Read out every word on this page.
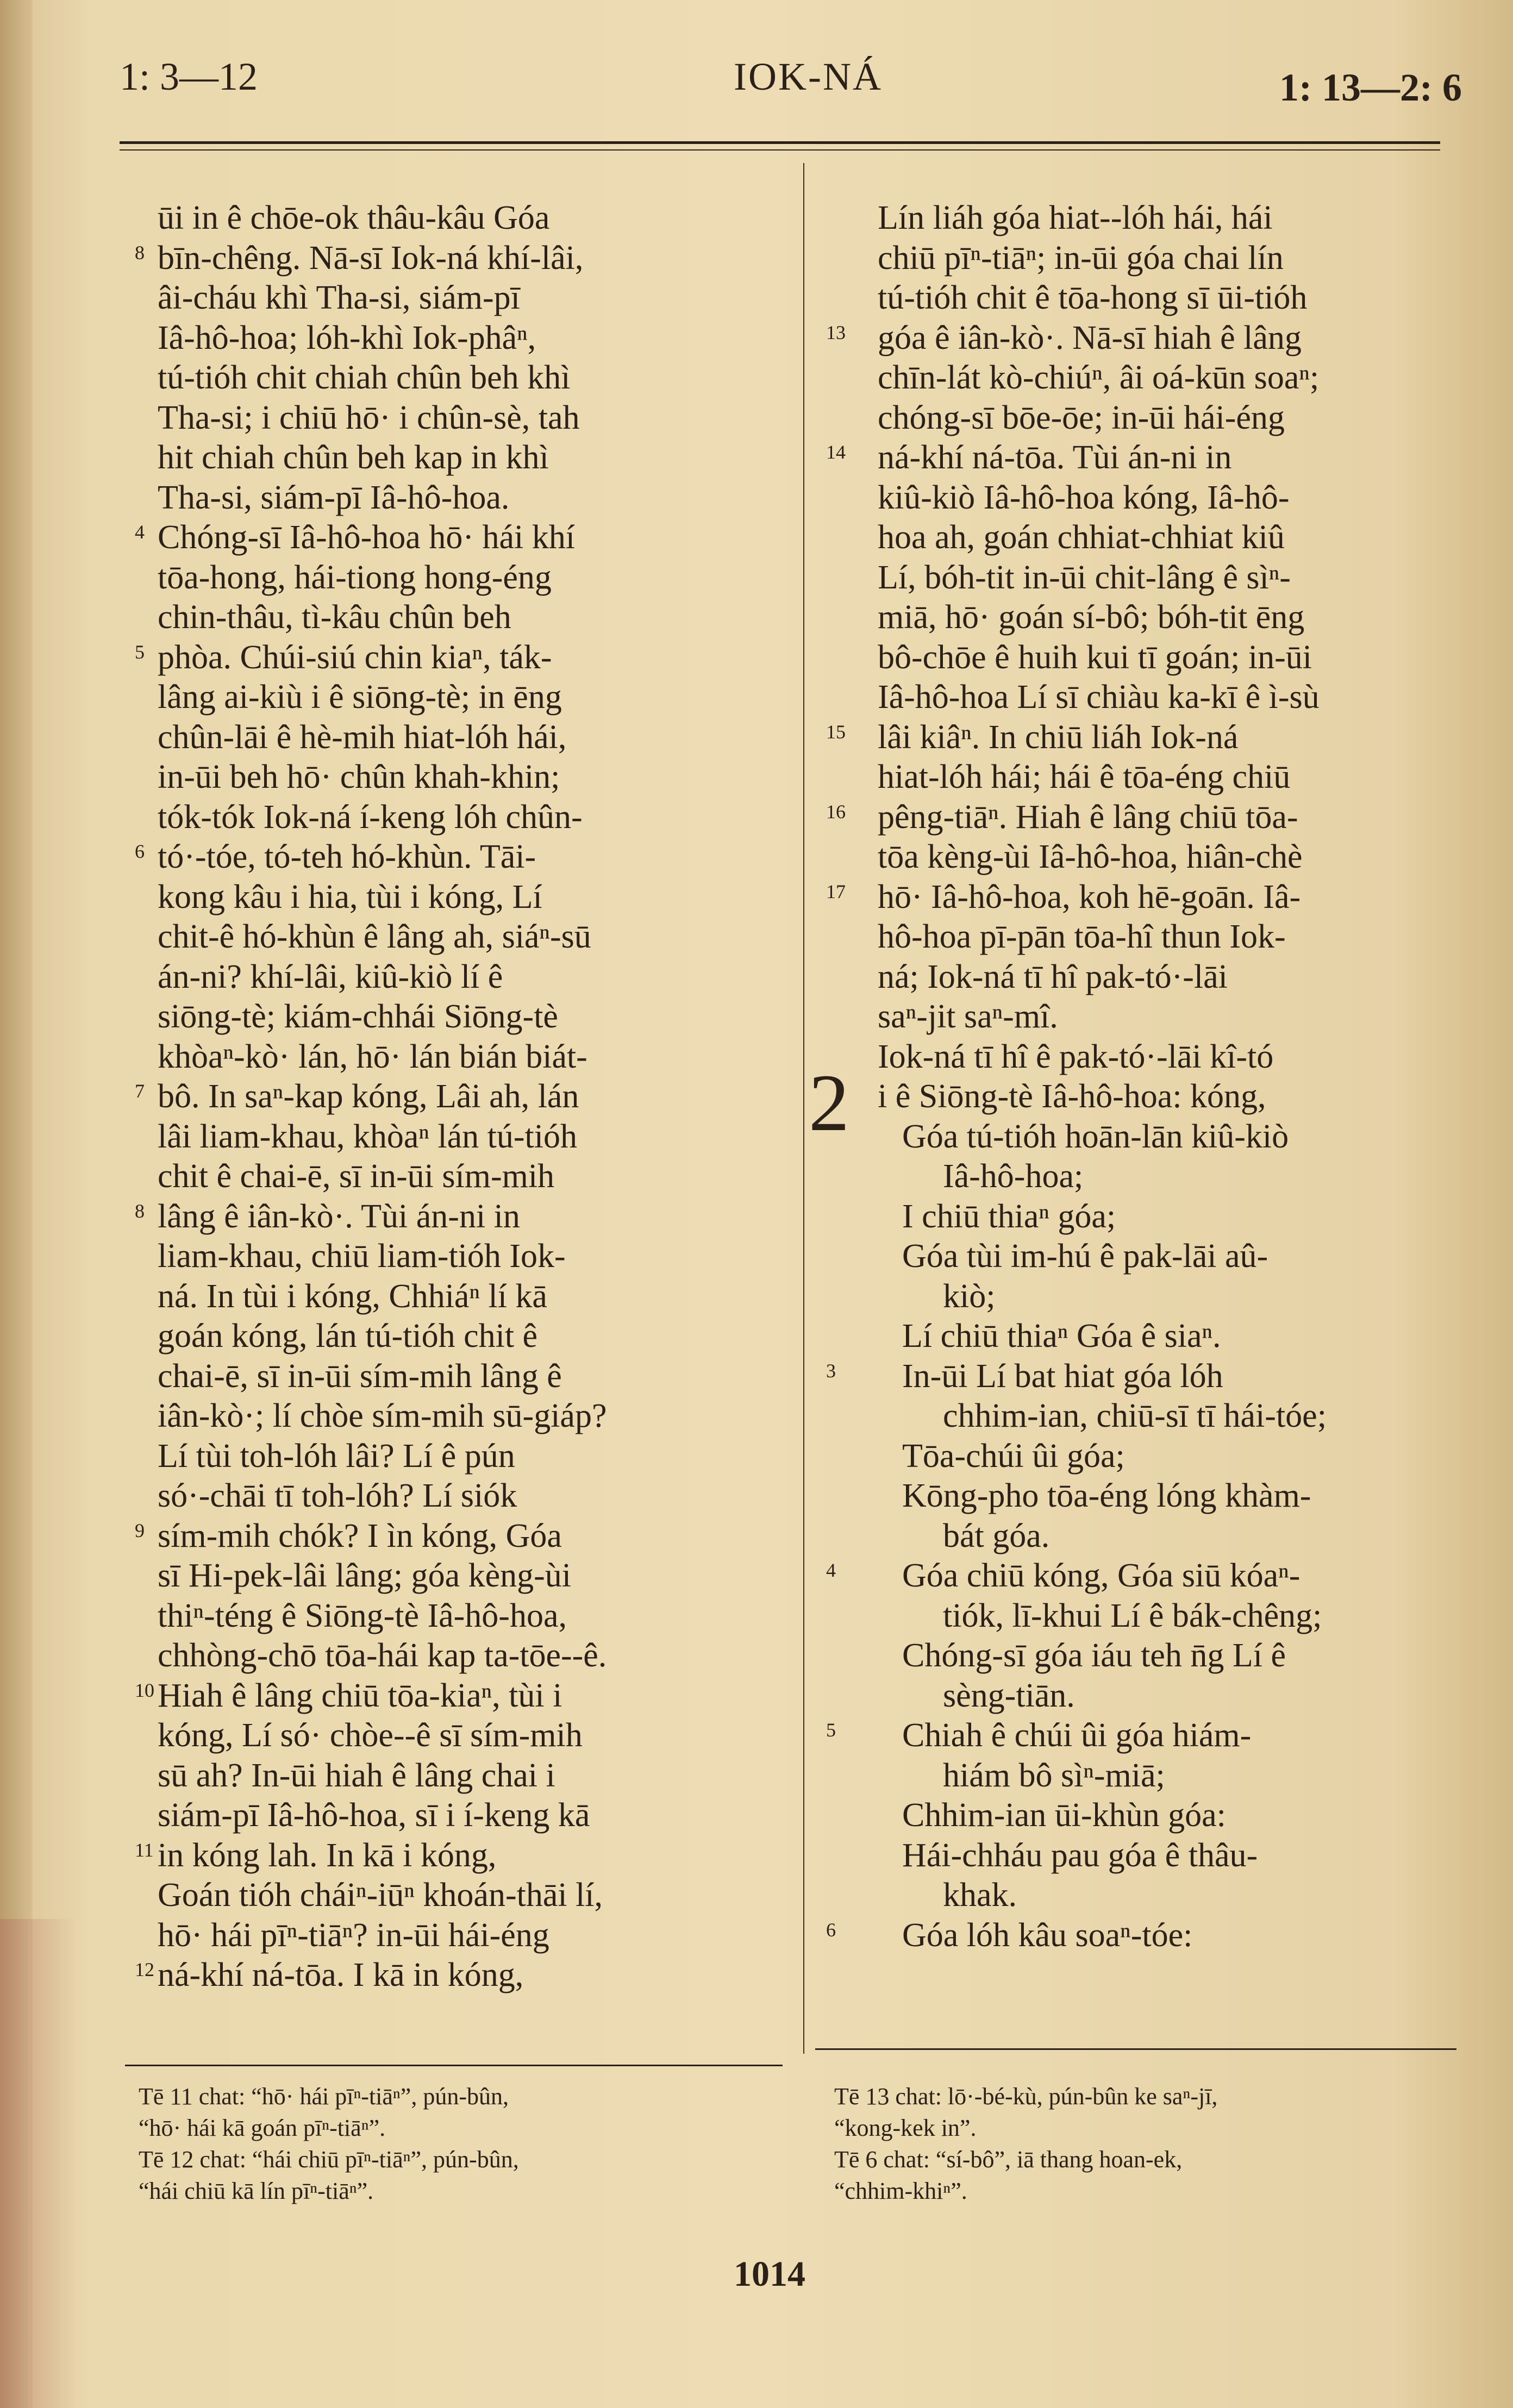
1: 3—12	IOK-NÁ	1: 13—2: 6
ūi in ê chōe-ok thâu-kâu Góa
8 bīn-chêng. Nā-sī Iok-ná khí-lâi,
âi-cháu khì Tha-si, siám-pī
Iâ-hô-hoa; lóh-khì Iok-phâⁿ,
tú-tióh chit chiah chûn beh khì
Tha-si; i chiū hō· i chûn-sè, tah
hit chiah chûn beh kap in khì
Tha-si, siám-pī Iâ-hô-hoa.
4 Chóng-sī Iâ-hô-hoa hō· hái khí
tōa-hong, hái-tiong hong-éng
chin-thâu, tì-kâu chûn beh
5 phòa. Chúi-siú chin kiaⁿ, ták-
lâng ai-kiù i ê siōng-tè; in ēng
chûn-lāi ê hè-mih hiat-lóh hái,
in-ūi beh hō· chûn khah-khin;
tók-tók Iok-ná í-keng lóh chûn-
6 tó·-tóe, tó-teh hó-khùn. Tāi-
kong kâu i hia, tùi i kóng, Lí
chit-ê hó-khùn ê lâng ah, siáⁿ-sū
án-ni? khí-lâi, kiû-kiò lí ê
siōng-tè; kiám-chhái Siōng-tè
khòaⁿ-kò· lán, hō· lán bián biát-
7 bô. In saⁿ-kap kóng, Lâi ah, lán
lâi liam-khau, khòaⁿ lán tú-tióh
chit ê chai-ē, sī in-ūi sím-mih
8 lâng ê iân-kò·. Tùi án-ni in
liam-khau, chiū liam-tióh Iok-
ná. In tùi i kóng, Chhiáⁿ lí kā
goán kóng, lán tú-tióh chit ê
chai-ē, sī in-ūi sím-mih lâng ê
iân-kò·; lí chòe sím-mih sū-giáp?
Lí tùi toh-lóh lâi? Lí ê pún
só·-chāi tī toh-lóh? Lí siók
9 sím-mih chók? I ìn kóng, Góa
sī Hi-pek-lâi lâng; góa kèng-ùi
thiⁿ-téng ê Siōng-tè Iâ-hô-hoa,
chhòng-chō tōa-hái kap ta-tōe--ê.
10 Hiah ê lâng chiū tōa-kiaⁿ, tùi i
kóng, Lí só· chòe--ê sī sím-mih
sū ah? In-ūi hiah ê lâng chai i
siám-pī Iâ-hô-hoa, sī i í-keng kā
11 in kóng lah. In kā i kóng,
Goán tióh cháiⁿ-iūⁿ khoán-thāi lí,
hō· hái pīⁿ-tiāⁿ? in-ūi hái-éng
12 ná-khí ná-tōa. I kā in kóng,
Lín liáh góa hiat--lóh hái, hái
chiū pīⁿ-tiāⁿ; in-ūi góa chai lín
tú-tióh chit ê tōa-hong sī ūi-tióh
13 góa ê iân-kò·. Nā-sī hiah ê lâng
chīn-lát kò-chiúⁿ, âi oá-kūn soaⁿ;
chóng-sī bōe-ōe; in-ūi hái-éng
14 ná-khí ná-tōa. Tùi án-ni in
kiû-kiò Iâ-hô-hoa kóng, Iâ-hô-
hoa ah, goán chhiat-chhiat kiû
Lí, bóh-tit in-ūi chit-lâng ê sìⁿ-
miā, hō· goán sí-bô; bóh-tit ēng
bô-chōe ê huih kui tī goán; in-ūi
Iâ-hô-hoa Lí sī chiàu ka-kī ê ì-sù
15 lâi kiâⁿ. In chiū liáh Iok-ná
hiat-lóh hái; hái ê tōa-éng chiū
16 pêng-tiāⁿ. Hiah ê lâng chiū tōa-
tōa kèng-ùi Iâ-hô-hoa, hiân-chè
17 hō· Iâ-hô-hoa, koh hē-goān. Iâ-
hô-hoa pī-pān tōa-hî thun Iok-
ná; Iok-ná tī hî pak-tó·-lāi
saⁿ-jit saⁿ-mî.
Iok-ná tī hî ê pak-tó·-lāi kî-tó
i ê Siōng-tè Iâ-hô-hoa: kóng,
Góa tú-tióh hoān-lān kiû-kiò
Iâ-hô-hoa;
I chiū thiaⁿ góa;
Góa tùi im-hú ê pak-lāi aû-
kiò;
Lí chiū thiaⁿ Góa ê siaⁿ.
3 In-ūi Lí bat hiat góa lóh
chhim-ian, chiū-sī tī hái-tóe;
Tōa-chúi ûi góa;
Kōng-pho tōa-éng lóng khàm-
bát góa.
4 Góa chiū kóng, Góa siū kóaⁿ-
tiók, lī-khui Lí ê bák-chêng;
Chóng-sī góa iáu teh n̄g Lí ê
sèng-tiān.
5 Chiah ê chúi ûi góa hiám-
hiám bô sìⁿ-miā;
Chhim-ian ūi-khùn góa:
Hái-chháu pau góa ê thâu-
khak.
6 Góa lóh kâu soaⁿ-tóe:
2
Tē 11 chat: “hō· hái pīⁿ-tiāⁿ”, pún-bûn,
“hō· hái kā goán pīⁿ-tiāⁿ”.
Tē 12 chat: “hái chiū pīⁿ-tiāⁿ”, pún-bûn,
“hái chiū kā lín pīⁿ-tiāⁿ”.
Tē 13 chat: lō·-bé-kù, pún-bûn ke saⁿ-jī,
“kong-kek in”.
Tē 6 chat: “sí-bô”, iā thang hoan-ek,
“chhim-khiⁿ”.
1014
